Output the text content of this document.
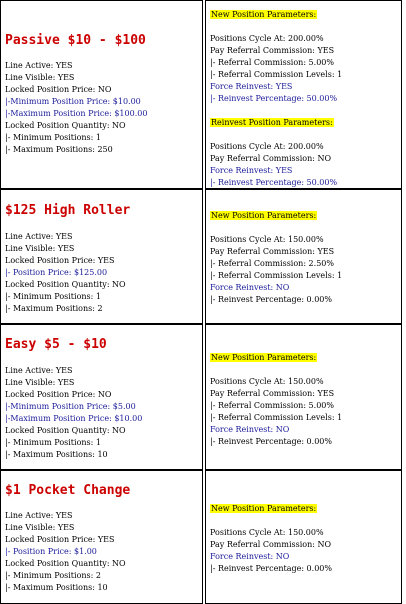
Passive $10 - $100
Line Active: YES
Line Visible: YES
Locked Position Price: NO
|-Minimum Position Price: $10.00
|-Maximum Position Price: $100.00
Locked Position Quantity: NO
|- Minimum Positions: 1
|- Maximum Positions: 250
New Position Parameters:
Positions Cycle At: 200.00%
Pay Referral Commission: YES
|- Referral Commission: 5.00%
|- Referral Commission Levels: 1
Force Reinvest: YES
|- Reinvest Percentage: 50.00%
Reinvest Position Parameters:
Positions Cycle At: 200.00%
Pay Referral Commission: NO
Force Reinvest: YES
|- Reinvest Percentage: 50.00%
$125 High Roller
Line Active: YES
Line Visible: YES
Locked Position Price: YES
|- Position Price: $125.00
Locked Position Quantity: NO
|- Minimum Positions: 1
|- Maximum Positions: 2
New Position Parameters:
Positions Cycle At: 150.00%
Pay Referral Commission: YES
|- Referral Commission: 2.50%
|- Referral Commission Levels: 1
Force Reinvest: NO
|- Reinvest Percentage: 0.00%
Easy $5 - $10
Line Active: YES
Line Visible: YES
Locked Position Price: NO
|-Minimum Position Price: $5.00
|-Maximum Position Price: $10.00
Locked Position Quantity: NO
|- Minimum Positions: 1
|- Maximum Positions: 10
New Position Parameters:
Positions Cycle At: 150.00%
Pay Referral Commission: YES
|- Referral Commission: 5.00%
|- Referral Commission Levels: 1
Force Reinvest: NO
|- Reinvest Percentage: 0.00%
$1 Pocket Change
Line Active: YES
Line Visible: YES
Locked Position Price: YES
|- Position Price: $1.00
Locked Position Quantity: NO
|- Minimum Positions: 2
|- Maximum Positions: 10
New Position Parameters:
Positions Cycle At: 150.00%
Pay Referral Commission: NO
Force Reinvest: NO
|- Reinvest Percentage: 0.00%
